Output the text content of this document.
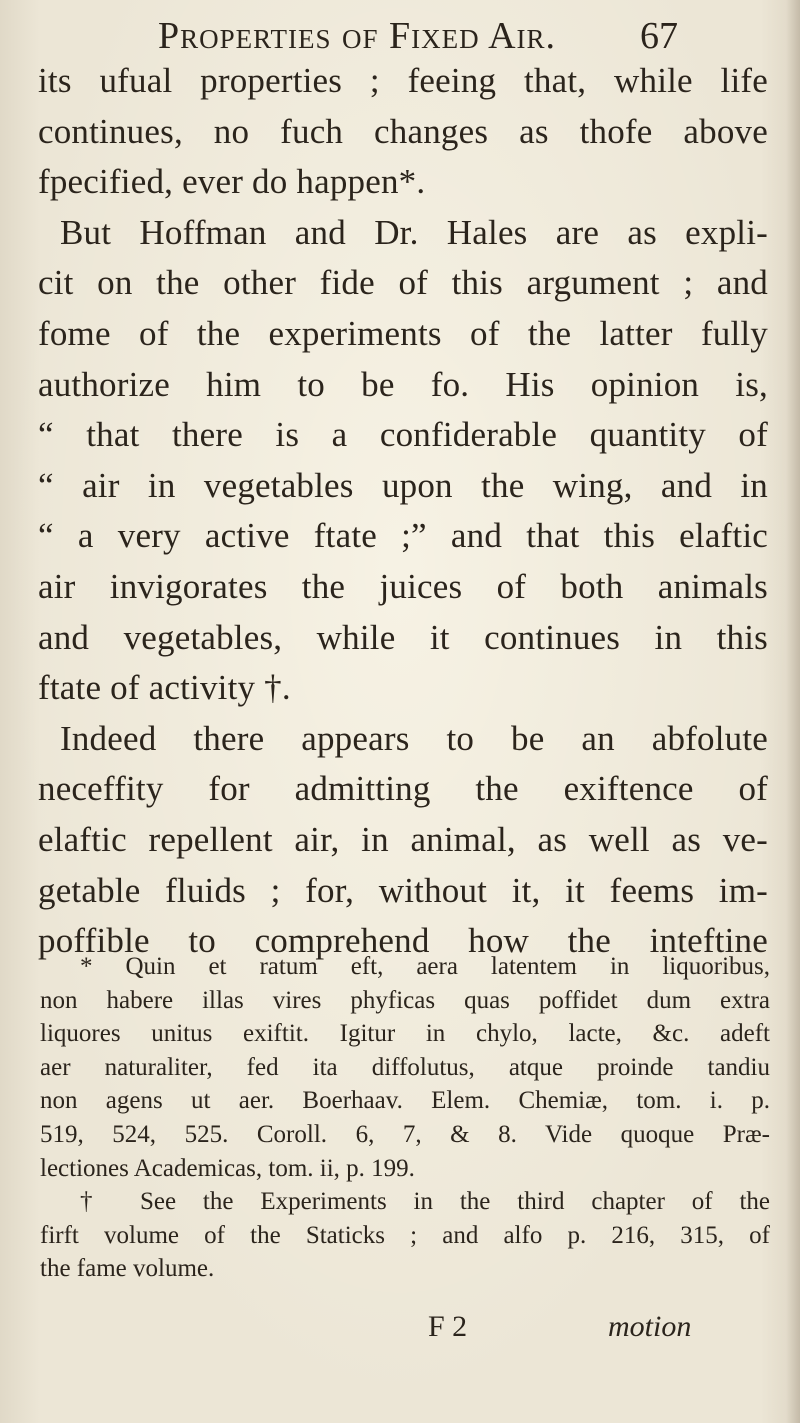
Properties of Fixed Air. 67
its ufual properties ; feeing that, while life
continues, no fuch changes as thofe above
fpecified, ever do happen*.
But Hoffman and Dr. Hales are as expli-
cit on the other fide of this argument ; and
fome of the experiments of the latter fully
authorize him to be fo. His opinion is,
“ that there is a confiderable quantity of
“ air in vegetables upon the wing, and in
“ a very active ftate ;” and that this elaftic
air invigorates the juices of both animals
and vegetables, while it continues in this
ftate of activity †.
Indeed there appears to be an abfolute
neceffity for admitting the exiftence of
elaftic repellent air, in animal, as well as ve-
getable fluids ; for, without it, it feems im-
poffible to comprehend how the inteftine
* Quin et ratum eft, aera latentem in liquoribus,
non habere illas vires phyficas quas poffidet dum extra
liquores unitus exiftit. Igitur in chylo, lacte, &c. adeft
aer naturaliter, fed ita diffolutus, atque proinde tandiu
non agens ut aer. Boerhaav. Elem. Chemiæ, tom. i. p.
519, 524, 525. Coroll. 6, 7, & 8. Vide quoque Præ-
lectiones Academicas, tom. ii, p. 199.
† See the Experiments in the third chapter of the
firft volume of the Staticks ; and alfo p. 216, 315, of
the fame volume.
F 2	motion
